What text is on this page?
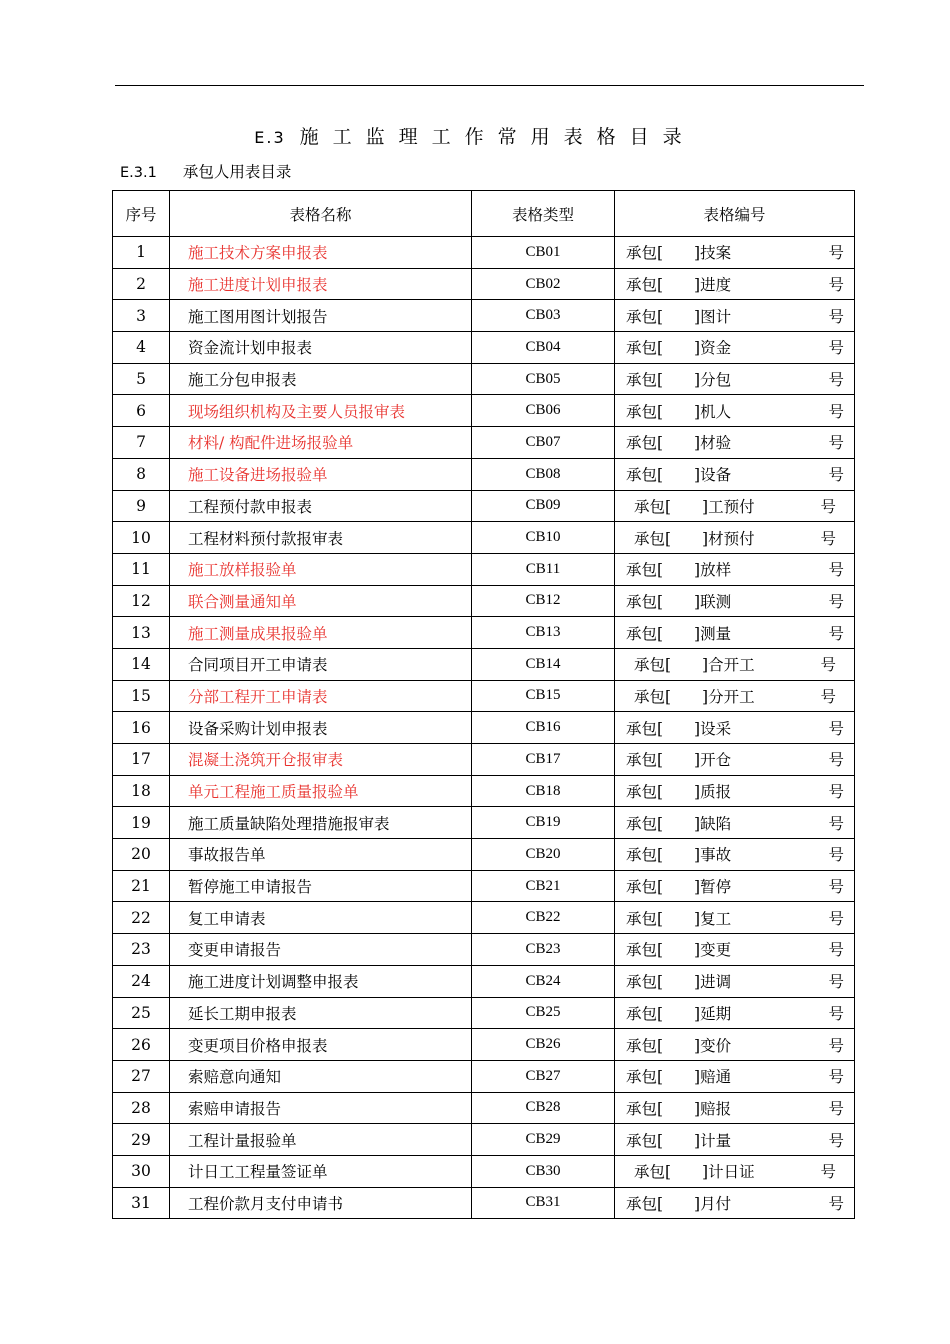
E.3 施工监理工作常用表格目录
E.3.1 承包人用表目录
序号	表格名称	表格类型	表格编号
1	施工技术方案申报表	CB01	承包[　　]技案 号

2	施工进度计划申报表	CB02	承包[　　]进度 号

3	施工图用图计划报告	CB03	承包[　　]图计 号

4	资金流计划申报表	CB04	承包[　　]资金 号

5	施工分包申报表	CB05	承包[　　]分包 号

6	现场组织机构及主要人员报审表	CB06	承包[　　]机人 号

7	材料/ 构配件进场报验单	CB07	承包[　　]材验 号

8	施工设备进场报验单	CB08	承包[　　]设备 号

9	工程预付款申报表	CB09	承包[　　]工预付 号

10	工程材料预付款报审表	CB10	承包[　　]材预付 号

11	施工放样报验单	CB11	承包[　　]放样 号

12	联合测量通知单	CB12	承包[　　]联测 号

13	施工测量成果报验单	CB13	承包[　　]测量 号

14	合同项目开工申请表	CB14	承包[　　]合开工 号

15	分部工程开工申请表	CB15	承包[　　]分开工 号

16	设备采购计划申报表	CB16	承包[　　]设采 号

17	混凝土浇筑开仓报审表	CB17	承包[　　]开仓 号

18	单元工程施工质量报验单	CB18	承包[　　]质报 号

19	施工质量缺陷处理措施报审表	CB19	承包[　　]缺陷 号

20	事故报告单	CB20	承包[　　]事故 号

21	暂停施工申请报告	CB21	承包[　　]暂停 号

22	复工申请表	CB22	承包[　　]复工 号

23	变更申请报告	CB23	承包[　　]变更 号

24	施工进度计划调整申报表	CB24	承包[　　]进调 号

25	延长工期申报表	CB25	承包[　　]延期 号

26	变更项目价格申报表	CB26	承包[　　]变价 号

27	索赔意向通知	CB27	承包[　　]赔通 号

28	索赔申请报告	CB28	承包[　　]赔报 号

29	工程计量报验单	CB29	承包[　　]计量 号

30	计日工工程量签证单	CB30	承包[　　]计日证 号

31	工程价款月支付申请书	CB31	承包[　　]月付 号
